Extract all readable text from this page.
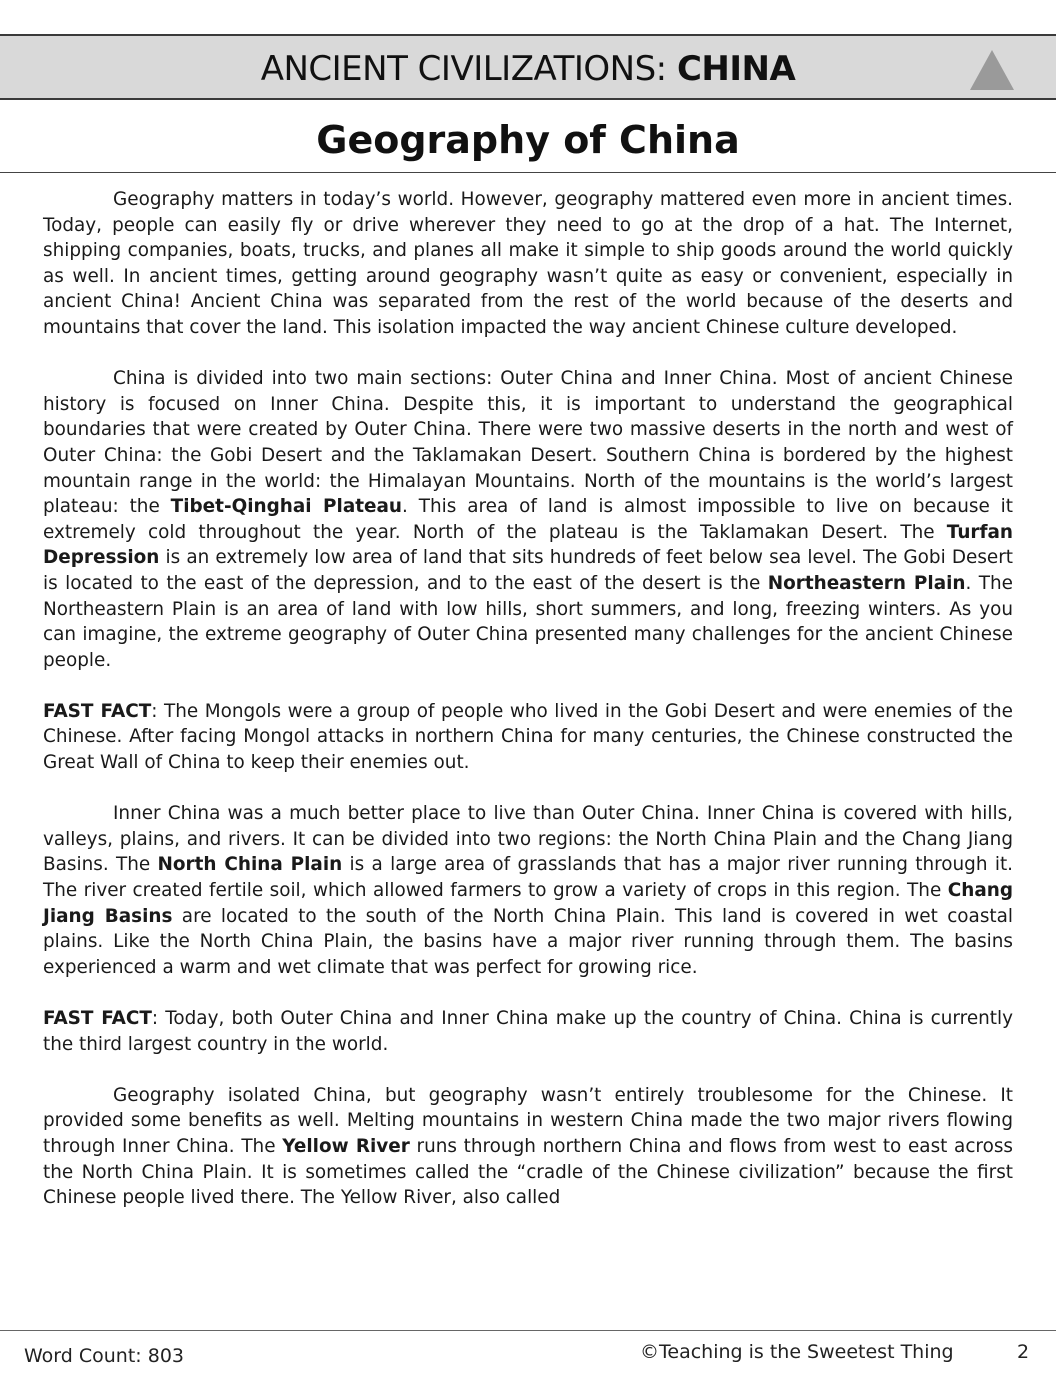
ANCIENT CIVILIZATIONS: CHINA
Geography of China

Geography matters in today’s world. However, geography mattered even more in ancient times. Today, people can easily fly or drive wherever they need to go at the drop of a hat. The Internet, shipping companies, boats, trucks, and planes all make it simple to ship goods around the world quickly as well. In ancient times, getting around geography wasn’t quite as easy or convenient, especially in ancient China! Ancient China was separated from the rest of the world because of the deserts and mountains that cover the land. This isolation impacted the way ancient Chinese culture developed.

China is divided into two main sections: Outer China and Inner China. Most of ancient Chinese history is focused on Inner China. Despite this, it is important to understand the geographical boundaries that were created by Outer China. There were two massive deserts in the north and west of Outer China: the Gobi Desert and the Taklamakan Desert. Southern China is bordered by the highest mountain range in the world: the Himalayan Mountains. North of the mountains is the world’s largest plateau: the Tibet-Qinghai Plateau. This area of land is almost impossible to live on because it extremely cold throughout the year. North of the plateau is the Taklamakan Desert. The Turfan Depression is an extremely low area of land that sits hundreds of feet below sea level. The Gobi Desert is located to the east of the depression, and to the east of the desert is the Northeastern Plain. The Northeastern Plain is an area of land with low hills, short summers, and long, freezing winters. As you can imagine, the extreme geography of Outer China presented many challenges for the ancient Chinese people.

FAST FACT: The Mongols were a group of people who lived in the Gobi Desert and were enemies of the Chinese. After facing Mongol attacks in northern China for many centuries, the Chinese constructed the Great Wall of China to keep their enemies out.

Inner China was a much better place to live than Outer China. Inner China is covered with hills, valleys, plains, and rivers. It can be divided into two regions: the North China Plain and the Chang Jiang Basins. The North China Plain is a large area of grasslands that has a major river running through it. The river created fertile soil, which allowed farmers to grow a variety of crops in this region. The Chang Jiang Basins are located to the south of the North China Plain. This land is covered in wet coastal plains. Like the North China Plain, the basins have a major river running through them. The basins experienced a warm and wet climate that was perfect for growing rice.

FAST FACT: Today, both Outer China and Inner China make up the country of China. China is currently the third largest country in the world.

Geography isolated China, but geography wasn’t entirely troublesome for the Chinese. It provided some benefits as well. Melting mountains in western China made the two major rivers flowing through Inner China. The Yellow River runs through northern China and flows from west to east across the North China Plain. It is sometimes called the “cradle of the Chinese civilization” because the first Chinese people lived there. The Yellow River, also called

Word Count: 803	©Teaching is the Sweetest Thing	2
